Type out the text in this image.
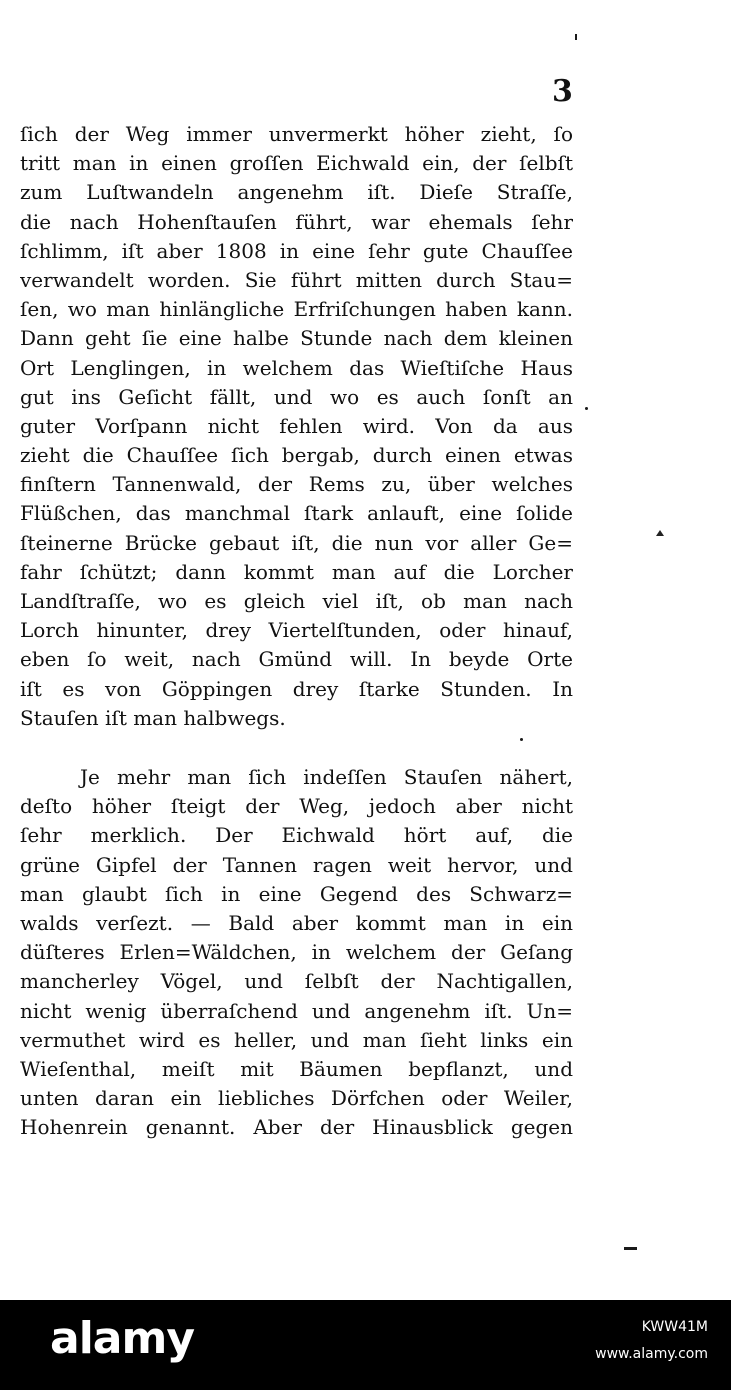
3
ſich der Weg immer unvermerkt höher zieht, ſo
tritt man in einen groſſen Eichwald ein, der ſelbſt
zum Luſtwandeln angenehm iſt. Dieſe Straſſe,
die nach Hohenſtauſen führt, war ehemals ſehr
ſchlimm, iſt aber 1808 in eine ſehr gute Chauſſee
verwandelt worden. Sie führt mitten durch Stau=
ſen, wo man hinlängliche Erfriſchungen haben kann.
Dann geht ſie eine halbe Stunde nach dem kleinen
Ort Lenglingen, in welchem das Wieſtiſche Haus
gut ins Geſicht fällt, und wo es auch ſonſt an
guter Vorſpann nicht fehlen wird. Von da aus
zieht die Chauſſee ſich bergab, durch einen etwas
finſtern Tannenwald, der Rems zu, über welches
Flüßchen, das manchmal ſtark anlauft, eine ſolide
ſteinerne Brücke gebaut iſt, die nun vor aller Ge=
fahr ſchützt; dann kommt man auf die Lorcher
Landſtraſſe, wo es gleich viel iſt, ob man nach
Lorch hinunter, drey Viertelſtunden, oder hinauf,
eben ſo weit, nach Gmünd will. In beyde Orte
iſt es von Göppingen drey ſtarke Stunden. In
Stauſen iſt man halbwegs.
Je mehr man ſich indeſſen Stauſen nähert,
deſto höher ſteigt der Weg, jedoch aber nicht
ſehr merklich. Der Eichwald hört auf, die
grüne Gipfel der Tannen ragen weit hervor, und
man glaubt ſich in eine Gegend des Schwarz=
walds verſezt. — Bald aber kommt man in ein
düſteres Erlen=Wäldchen, in welchem der Geſang
mancherley Vögel, und ſelbſt der Nachtigallen,
nicht wenig überraſchend und angenehm iſt. Un=
vermuthet wird es heller, und man ſieht links ein
Wieſenthal, meiſt mit Bäumen bepflanzt, und
unten daran ein liebliches Dörfchen oder Weiler,
Hohenrein genannt. Aber der Hinausblick gegen
alamy	KWW41M
www.alamy.com
